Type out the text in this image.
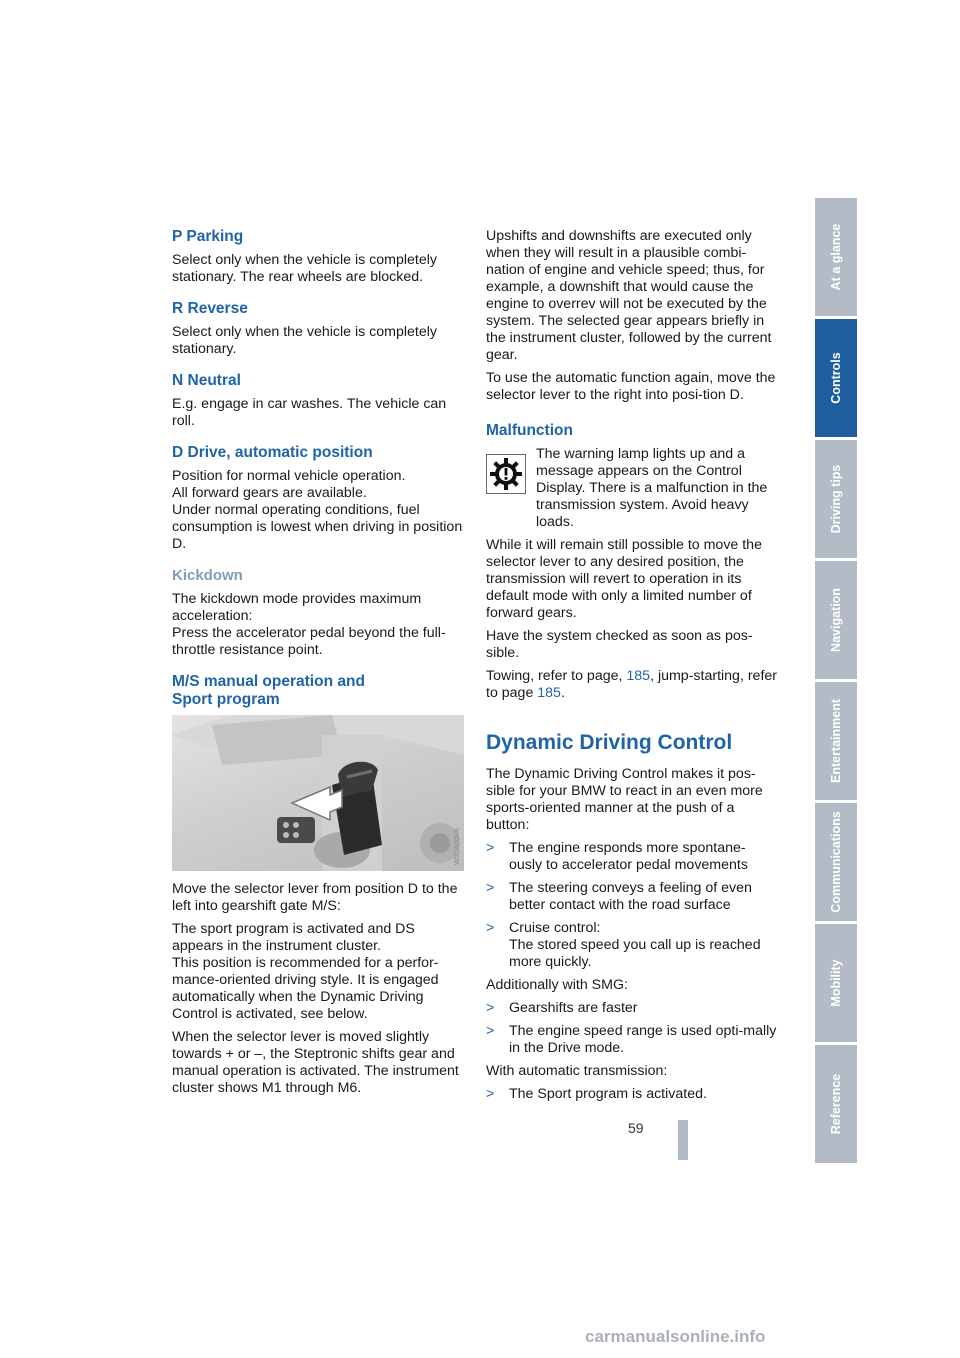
P Parking

Select only when the vehicle is completely stationary. The rear wheels are blocked.

R Reverse

Select only when the vehicle is completely stationary.

N Neutral

E.g. engage in car washes. The vehicle can roll.

D Drive, automatic position

Position for normal vehicle operation.
All forward gears are available.
Under normal operating conditions, fuel consumption is lowest when driving in position D.

Kickdown

The kickdown mode provides maximum acceleration:
Press the accelerator pedal beyond the full-throttle resistance point.

M/S manual operation and
Sport program
W0CA00VA

Move the selector lever from position D to the left into gearshift gate M/S:

The sport program is activated and DS appears in the instrument cluster.
This position is recommended for a perfor-mance-oriented driving style. It is engaged automatically when the Dynamic Driving Control is activated, see below.

When the selector lever is moved slightly towards + or –, the Steptronic shifts gear and manual operation is activated. The instrument cluster shows M1 through M6.

Upshifts and downshifts are executed only when they will result in a plausible combi-nation of engine and vehicle speed; thus, for example, a downshift that would cause the engine to overrev will not be executed by the system. The selected gear appears briefly in the instrument cluster, followed by the current gear.

To use the automatic function again, move the selector lever to the right into posi-tion D.

Malfunction

The warning lamp lights up and a message appears on the Control Display. There is a malfunction in the transmission system. Avoid heavy loads.

While it will remain still possible to move the selector lever to any desired position, the transmission will revert to operation in its default mode with only a limited number of forward gears.

Have the system checked as soon as pos-sible.

Towing, refer to page, 185, jump-starting, refer to page 185.

Dynamic Driving Control

The Dynamic Driving Control makes it pos-sible for your BMW to react in an even more sports-oriented manner at the push of a button:

> The engine responds more spontane-ously to accelerator pedal movements
> The steering conveys a feeling of even better contact with the road surface
> Cruise control:
The stored speed you call up is reached more quickly.

Additionally with SMG:

> Gearshifts are faster
> The engine speed range is used opti-mally in the Drive mode.

With automatic transmission:

> The Sport program is activated.
At a glance
Controls
Driving tips
Navigation
Entertainment
Communications
Mobility
Reference
59
carmanualsonline.info
